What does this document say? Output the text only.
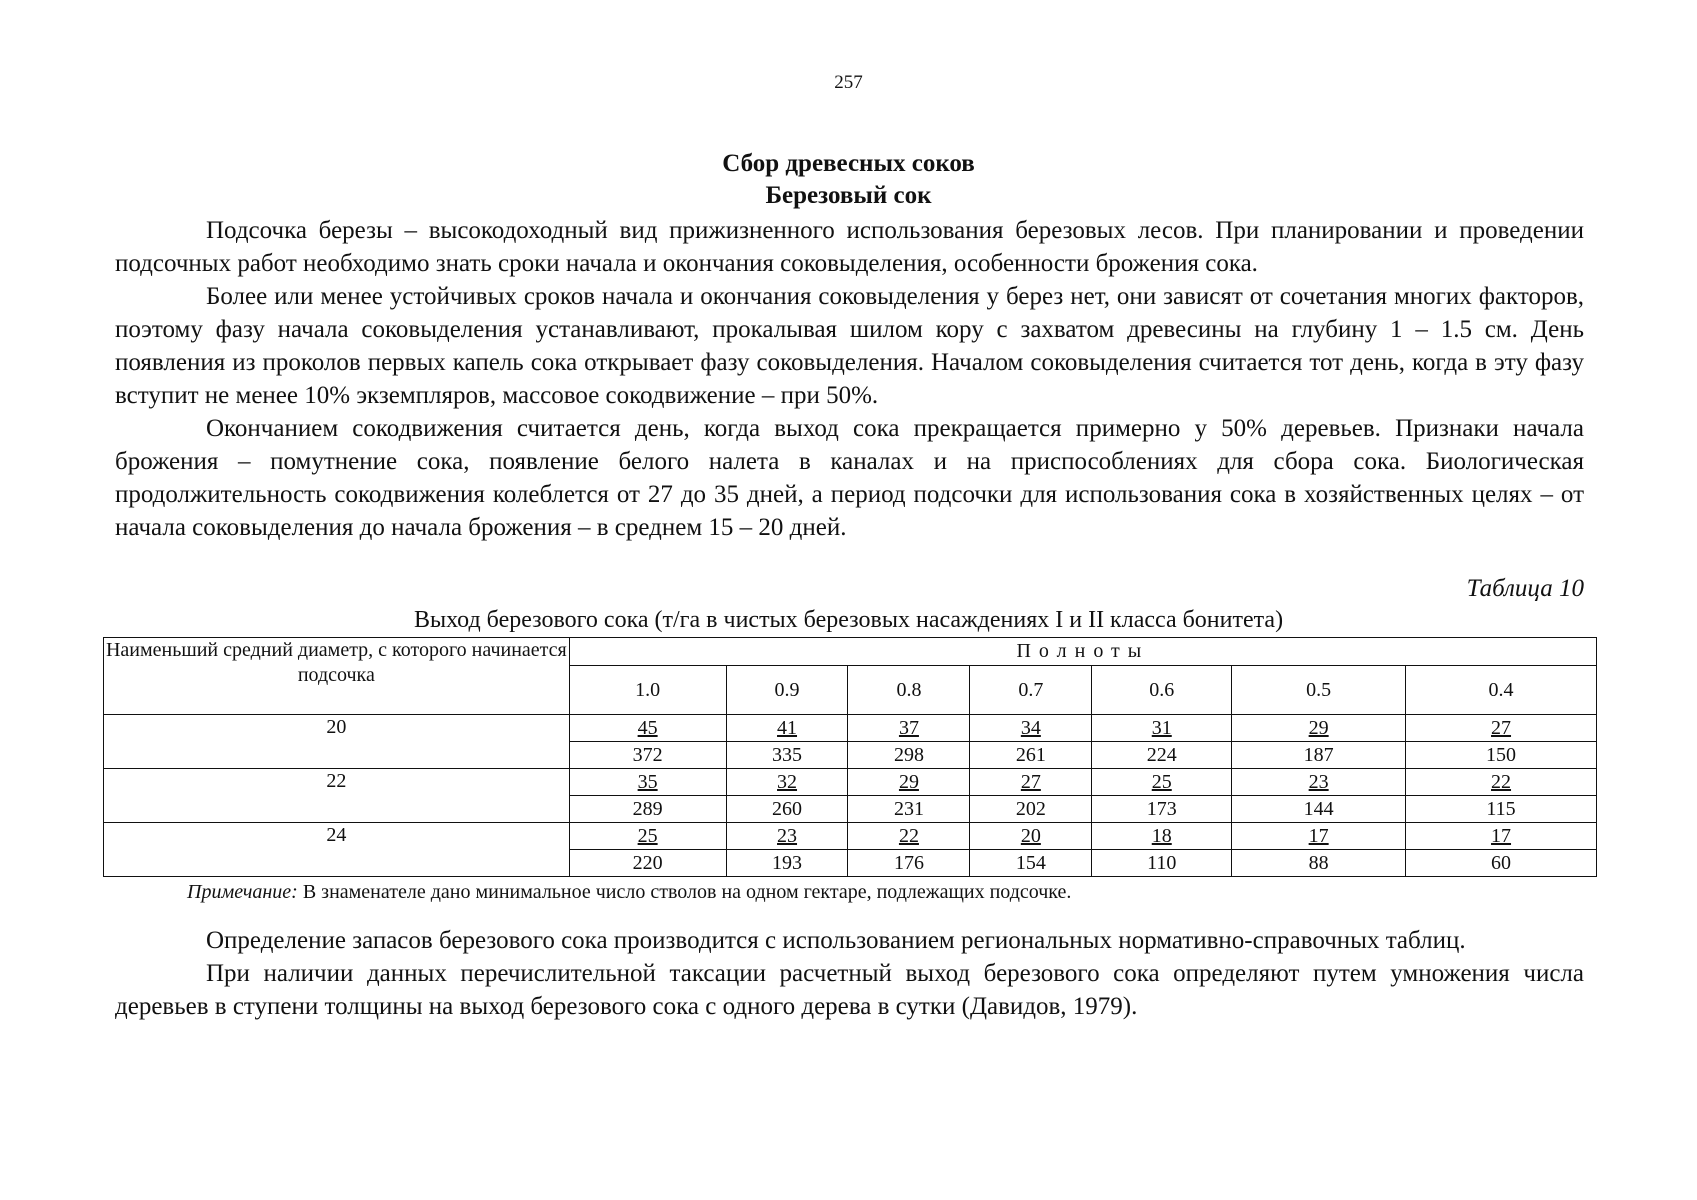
257
Сбор древесных соков
Березовый сок

Подсочка березы – высокодоходный вид прижизненного использования березовых лесов. При планировании и проведении подсочных работ необходимо знать сроки начала и окончания соковыделения, особенности брожения сока.

Более или менее устойчивых сроков начала и окончания соковыделения у берез нет, они зависят от сочетания многих факторов, поэтому фазу начала соковыделения устанавливают, прокалывая шилом кору с захватом древесины на глубину 1 – 1.5 см. День появления из проколов первых капель сока открывает фазу соковыделения. Началом соковыделения считается тот день, когда в эту фазу вступит не менее 10% экземпляров, массовое сокодвижение – при 50%.

Окончанием сокодвижения считается день, когда выход сока прекращается примерно у 50% деревьев. Признаки начала брожения – помутнение сока, появление белого налета в каналах и на приспособлениях для сбора сока. Биологическая продолжительность сокодвижения колеблется от 27 до 35 дней, а период подсочки для использования сока в хозяйственных целях – от начала соковыделения до начала брожения – в среднем 15 – 20 дней.

Таблица 10
Выход березового сока (т/га в чистых березовых насаждениях I и II класса бонитета)
Наименьший средний диаметр, с которого начинается подсочка	Полноты						
	1.0	0.9	0.8	0.7	0.6	0.5	0.4
20	45	41	37	34	31	29	27
	372	335	298	261	224	187	150
22	35	32	29	27	25	23	22
	289	260	231	202	173	144	115
24	25	23	22	20	18	17	17
	220	193	176	154	110	88	60
Примечание: В знаменателе дано минимальное число стволов на одном гектаре, подлежащих подсочке.

Определение запасов березового сока производится с использованием региональных нормативно-справочных таблиц.

При наличии данных перечислительной таксации расчетный выход березового сока определяют путем умножения числа деревьев в ступени толщины на выход березового сока с одного дерева в сутки (Давидов, 1979).
